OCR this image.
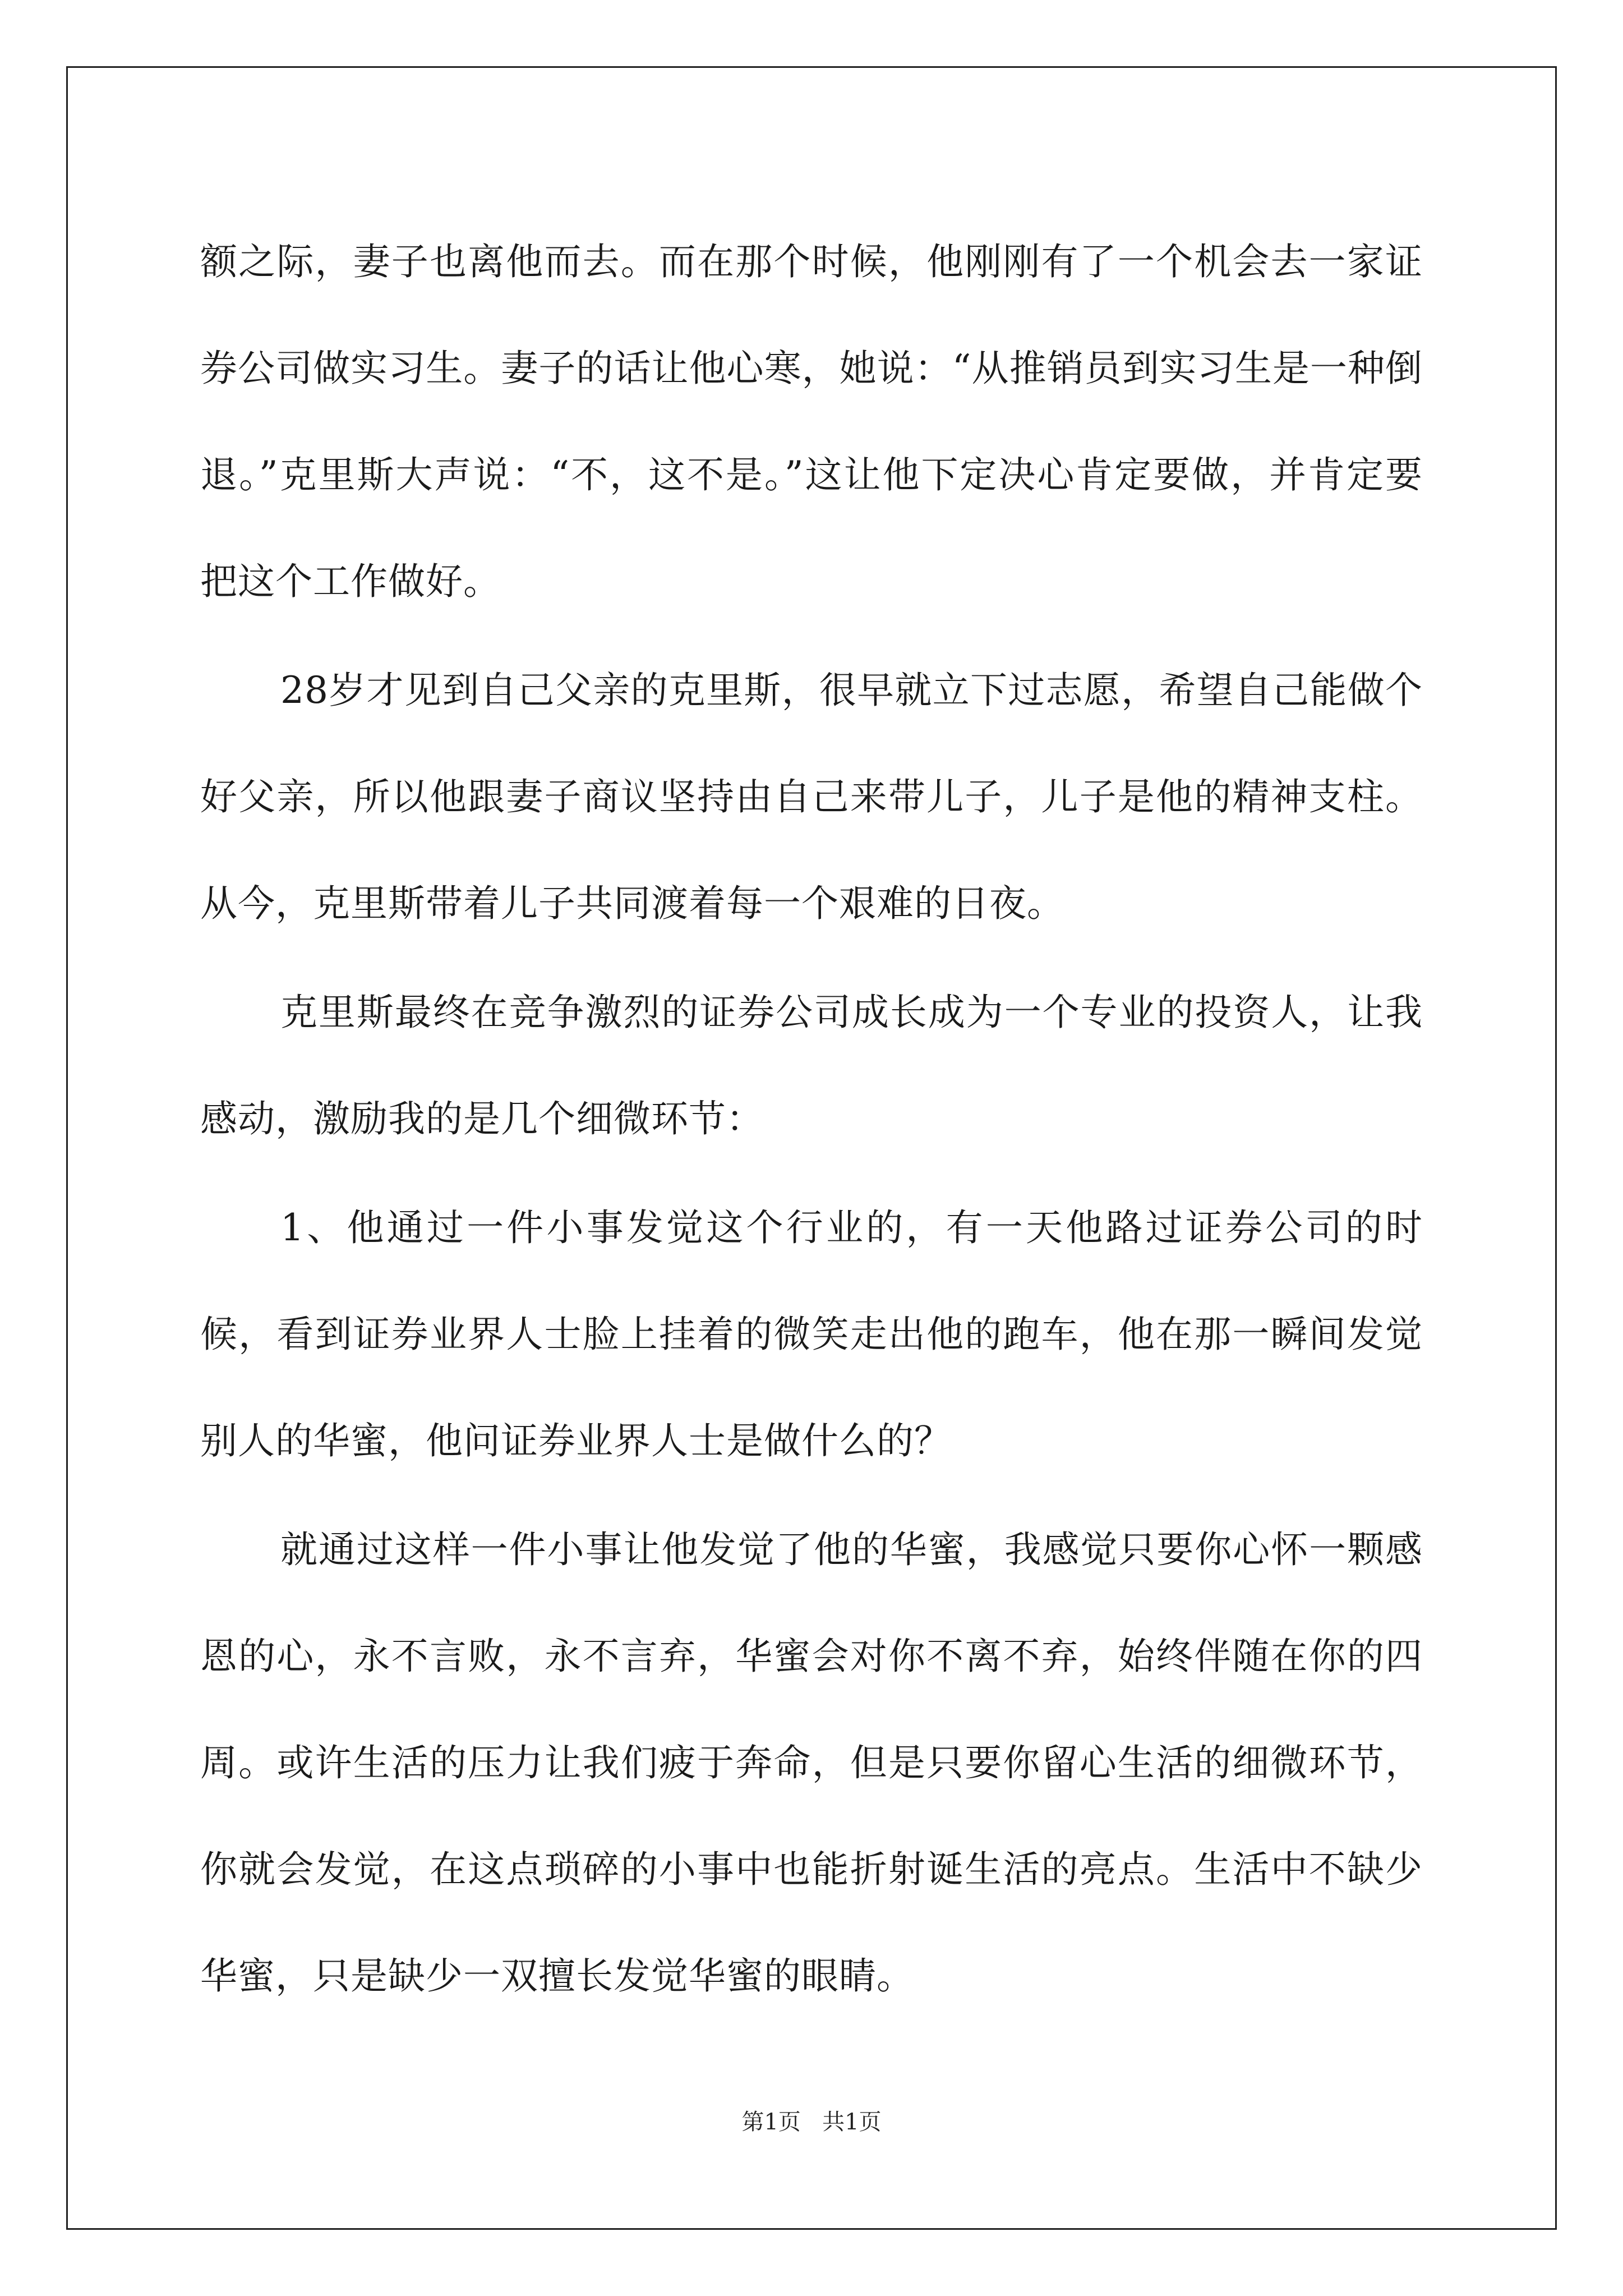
额之际，妻子也离他而去。而在那个时候，他刚刚有了一个机会去一家证券公司做实习生。妻子的话让他心寒，她说：“从推销员到实习生是一种倒退。”克里斯大声说：“不，这不是。”这让他下定决心肯定要做，并肯定要把这个工作做好。

28岁才见到自己父亲的克里斯，很早就立下过志愿，希望自己能做个好父亲，所以他跟妻子商议坚持由自己来带儿子，儿子是他的精神支柱。从今，克里斯带着儿子共同渡着每一个艰难的日夜。

克里斯最终在竞争激烈的证券公司成长成为一个专业的投资人，让我感动，激励我的是几个细微环节：

1、他通过一件小事发觉这个行业的，有一天他路过证券公司的时候，看到证券业界人士脸上挂着的微笑走出他的跑车，他在那一瞬间发觉别人的华蜜，他问证券业界人士是做什么的？

就通过这样一件小事让他发觉了他的华蜜，我感觉只要你心怀一颗感恩的心，永不言败，永不言弃，华蜜会对你不离不弃，始终伴随在你的四周。或许生活的压力让我们疲于奔命，但是只要你留心生活的细微环节，你就会发觉，在这点琐碎的小事中也能折射诞生活的亮点。生活中不缺少华蜜，只是缺少一双擅长发觉华蜜的眼睛。

第1页 共1页
